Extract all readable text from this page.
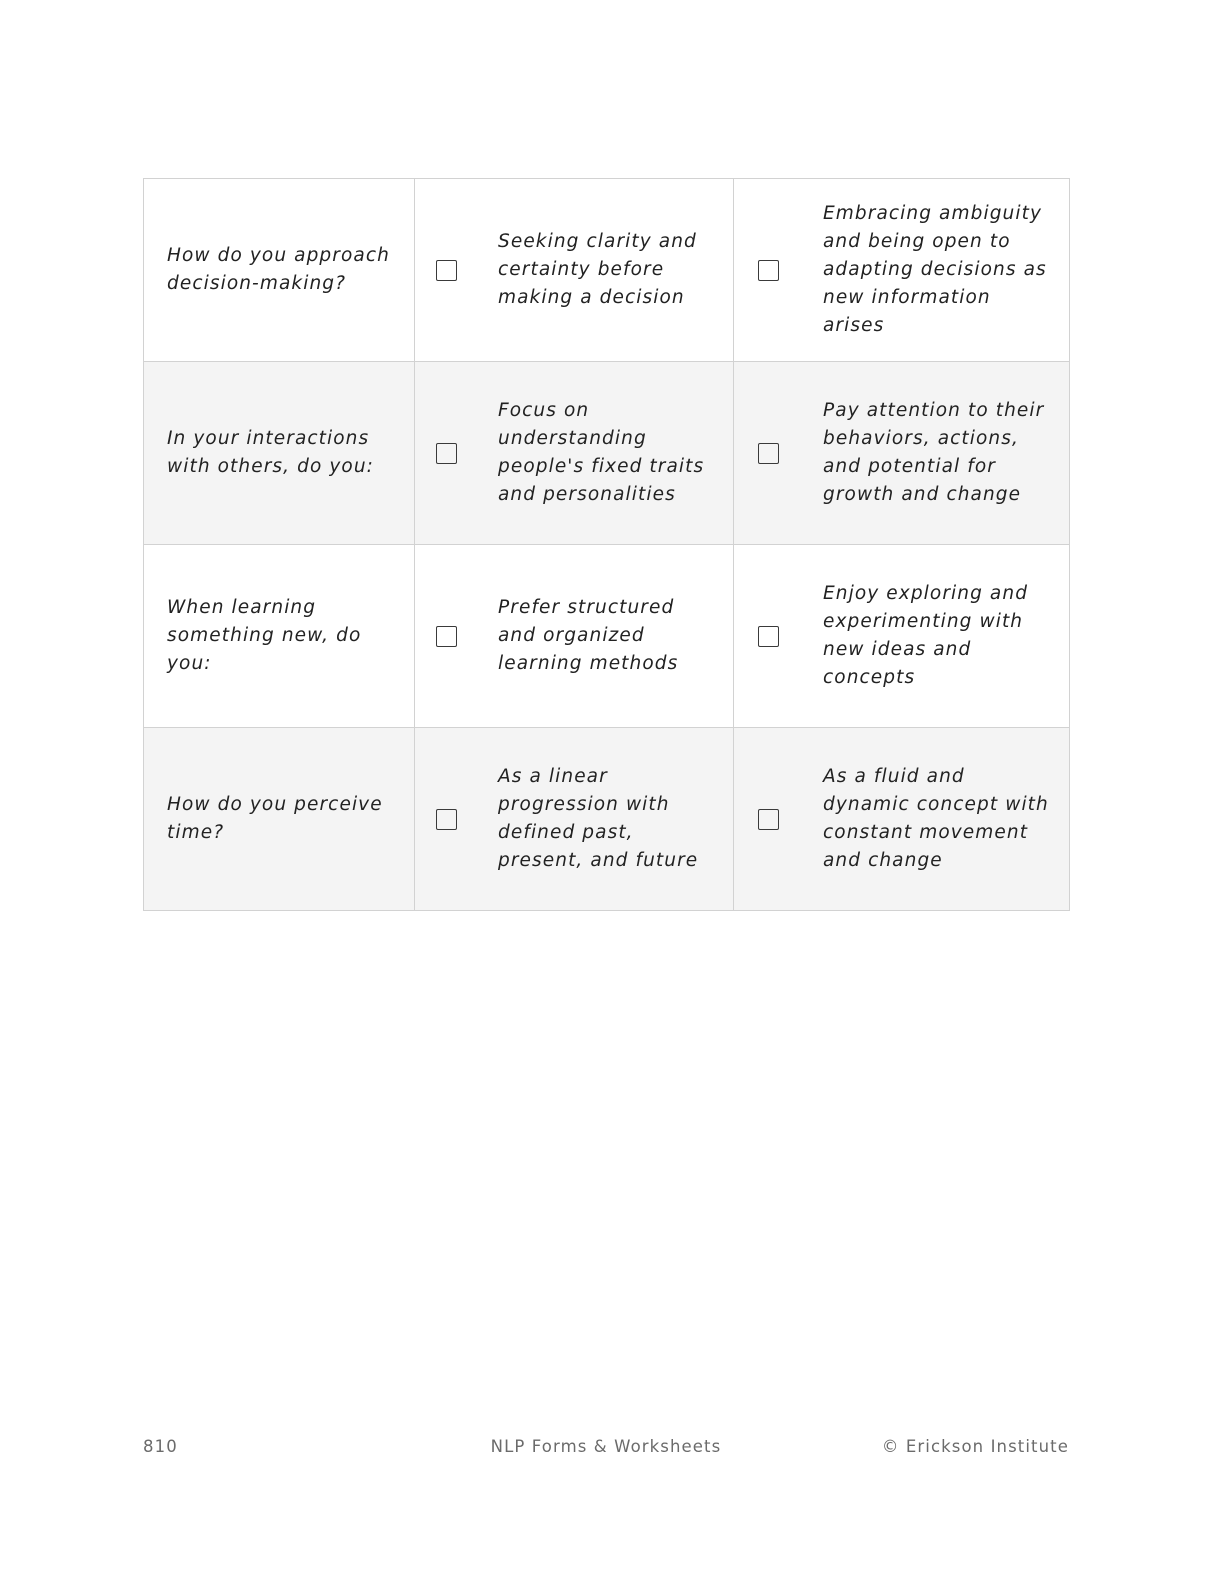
How do you approach decision-making?	Seeking clarity and certainty before making a decision	Embracing ambiguity and being open to adapting decisions as new information arises

In your interactions with others, do you:	Focus on understanding people's fixed traits and personalities	Pay attention to their behaviors, actions, and potential for growth and change

When learning something new, do you:	Prefer structured and organized learning methods	Enjoy exploring and experimenting with new ideas and concepts

How do you perceive time?	As a linear progression with defined past, present, and future	As a fluid and dynamic concept with constant movement and change
810	NLP Forms & Worksheets	© Erickson Institute
